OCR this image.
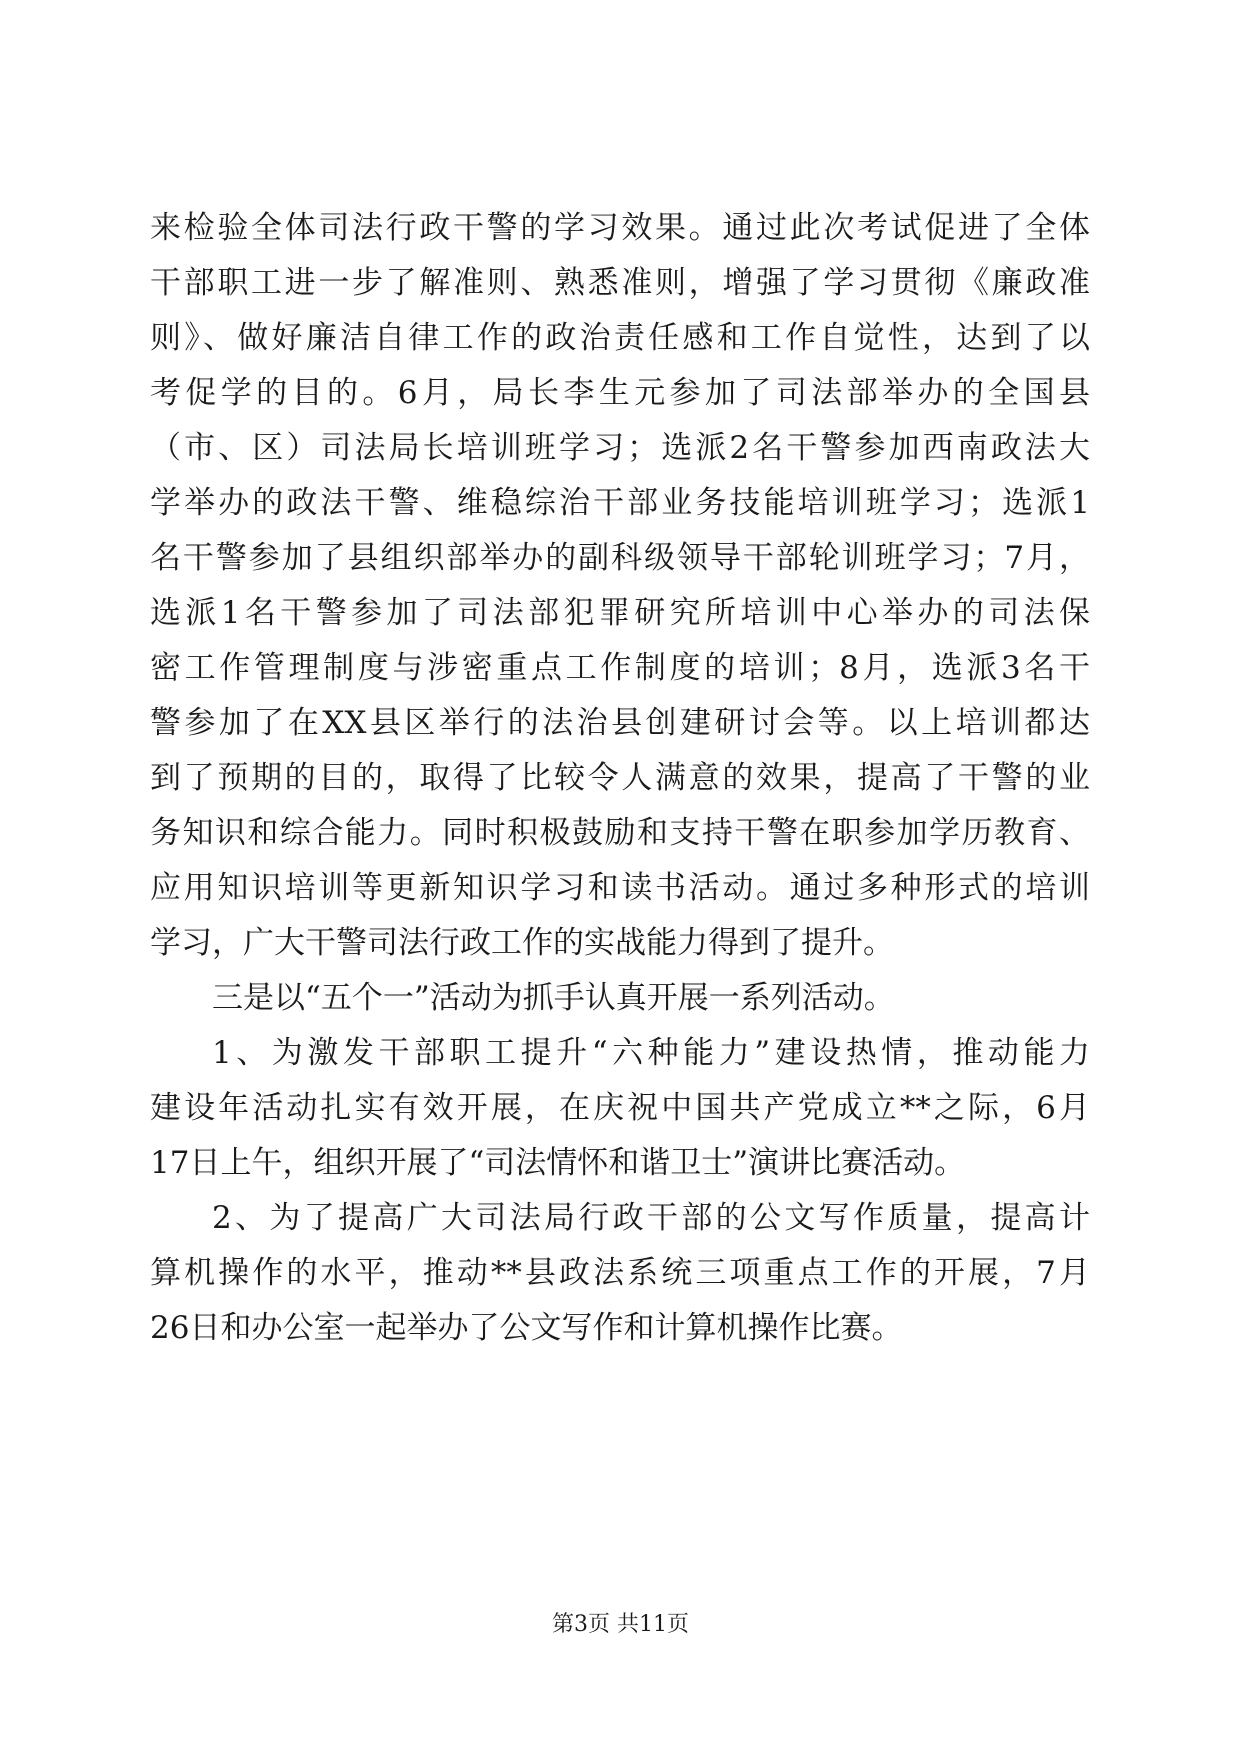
来检验全体司法行政干警的学习效果。通过此次考试促进了全体
干部职工进一步了解准则、熟悉准则，增强了学习贯彻《廉政准
则》、做好廉洁自律工作的政治责任感和工作自觉性，达到了以
考促学的目的。6月，局长李生元参加了司法部举办的全国县
（市、区）司法局长培训班学习；选派2名干警参加西南政法大
学举办的政法干警、维稳综治干部业务技能培训班学习；选派1
名干警参加了县组织部举办的副科级领导干部轮训班学习；7月，
选派1名干警参加了司法部犯罪研究所培训中心举办的司法保
密工作管理制度与涉密重点工作制度的培训；8月，选派3名干
警参加了在XX县区举行的法治县创建研讨会等。以上培训都达
到了预期的目的，取得了比较令人满意的效果，提高了干警的业
务知识和综合能力。同时积极鼓励和支持干警在职参加学历教育、
应用知识培训等更新知识学习和读书活动。通过多种形式的培训
学习，广大干警司法行政工作的实战能力得到了提升。
三是以“五个一”活动为抓手认真开展一系列活动。
1、为激发干部职工提升“六种能力”建设热情，推动能力
建设年活动扎实有效开展，在庆祝中国共产党成立**之际，6月
17日上午，组织开展了“司法情怀和谐卫士”演讲比赛活动。
2、为了提高广大司法局行政干部的公文写作质量，提高计
算机操作的水平，推动**县政法系统三项重点工作的开展，7月
26日和办公室一起举办了公文写作和计算机操作比赛。
第3页 共11页
